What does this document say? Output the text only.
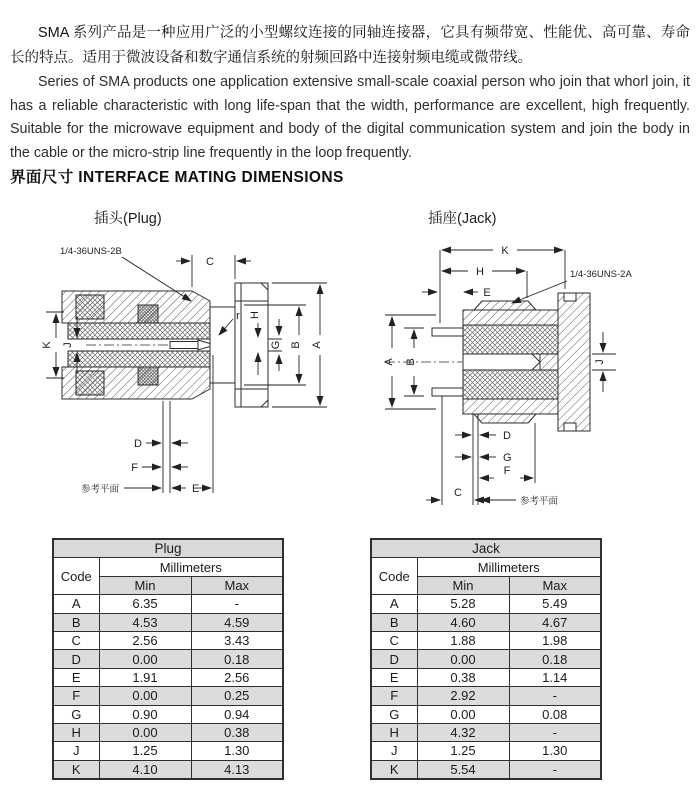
SMA 系列产品是一种应用广泛的小型螺纹连接的同轴连接器，它具有频带宽、性能优、高可靠、寿命长的特点。适用于微波设备和数字通信系统的射频回路中连接射频电缆或微带线。

Series of SMA products one application extensive small-scale coaxial person who join that whorl join, it has a reliable characteristic with long life-span that the width, performance are excellent, high frequently. Suitable for the microwave equipment and body of the digital communication system and join the body in the cable or the micro-strip line frequently in the loop frequently.

界面尺寸 INTERFACE MATING DIMENSIONS
插头(Plug)	插座(Jack)
C
K J
H
G B A
r
D
F
E
1/4-36UNS-2B
参考平面
K
H
E
A B	J
D
G
F
C
1/4-36UNS-2A
参考平面
Plug		
Code	Millimeters	
	Min	Max
A	6.35	-
B	4.53	4.59
C	2.56	3.43
D	0.00	0.18
E	1.91	2.56
F	0.00	0.25
G	0.90	0.94
H	0.00	0.38
J	1.25	1.30
K	4.10	4.13
Jack		
Code	Millimeters	
	Min	Max
A	5.28	5.49
B	4.60	4.67
C	1.88	1.98
D	0.00	0.18
E	0.38	1.14
F	2.92	-
G	0.00	0.08
H	4.32	-
J	1.25	1.30
K	5.54	-
